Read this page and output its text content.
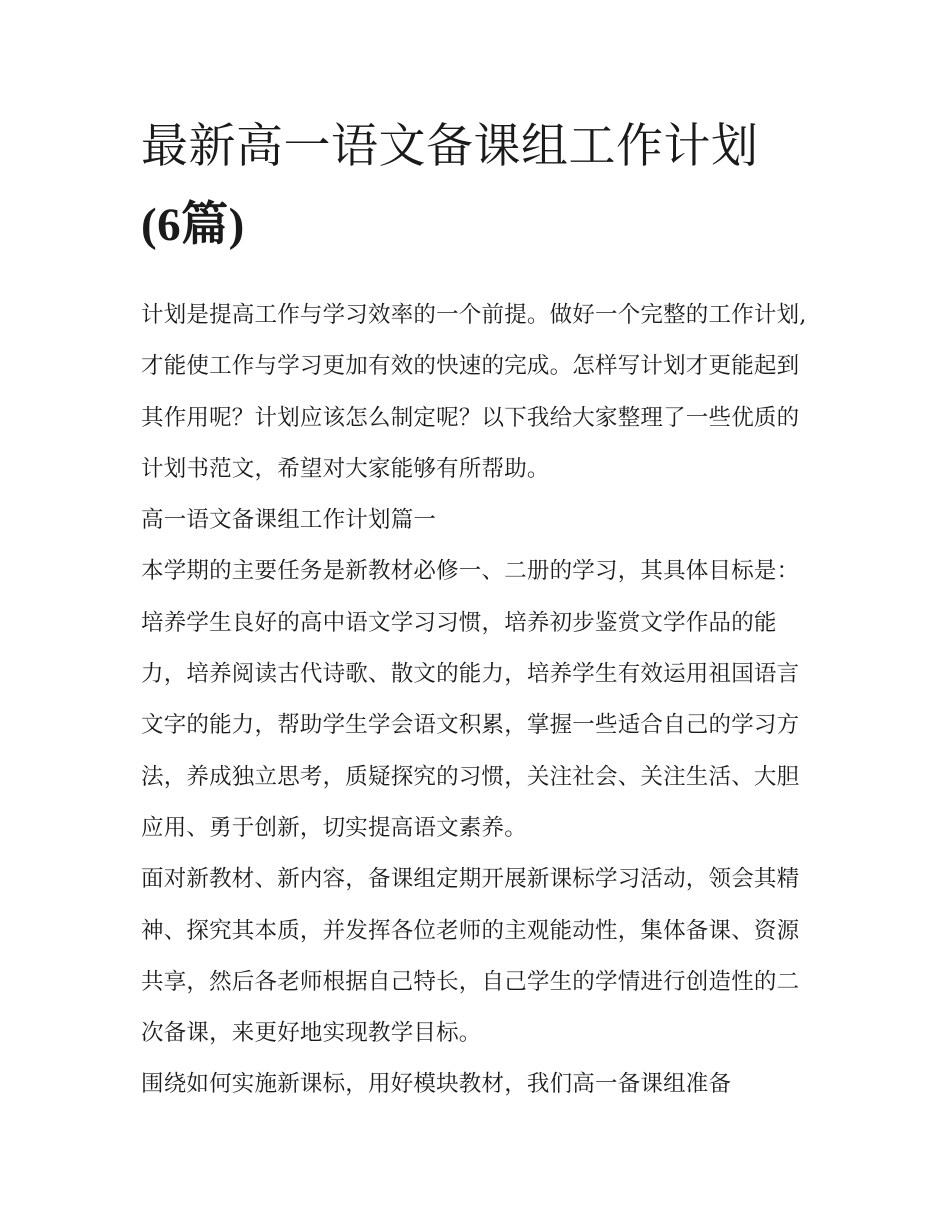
最新高一语文备课组工作计划
(6篇)

计划是提高工作与学习效率的一个前提。做好一个完整的工作计划,才能使工作与学习更加有效的快速的完成。怎样写计划才更能起到其作用呢？计划应该怎么制定呢？以下我给大家整理了一些优质的计划书范文，希望对大家能够有所帮助。

高一语文备课组工作计划篇一

本学期的主要任务是新教材必修一、二册的学习，其具体目标是：培养学生良好的高中语文学习习惯，培养初步鉴赏文学作品的能力，培养阅读古代诗歌、散文的能力，培养学生有效运用祖国语言文字的能力，帮助学生学会语文积累，掌握一些适合自己的学习方法，养成独立思考，质疑探究的习惯，关注社会、关注生活、大胆应用、勇于创新，切实提高语文素养。

面对新教材、新内容，备课组定期开展新课标学习活动，领会其精神、探究其本质，并发挥各位老师的主观能动性，集体备课、资源共享，然后各老师根据自己特长，自己学生的学情进行创造性的二次备课，来更好地实现教学目标。

围绕如何实施新课标，用好模块教材，我们高一备课组准备
